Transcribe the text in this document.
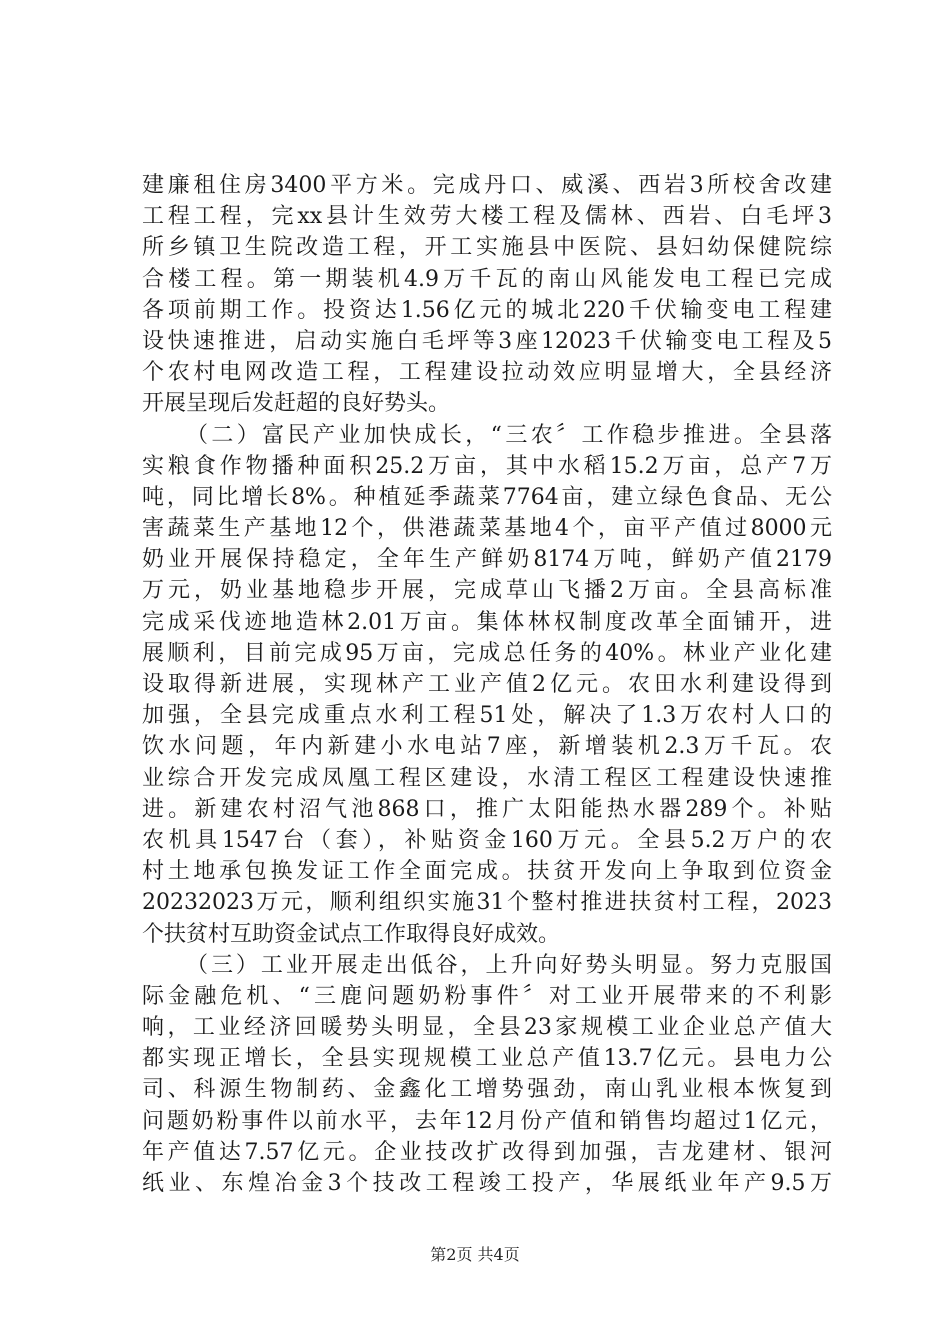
建廉租住房3400平方米。完成丹口、威溪、西岩3所校舍改建
工程工程，完xx县计生效劳大楼工程及儒林、西岩、白毛坪3
所乡镇卫生院改造工程，开工实施县中医院、县妇幼保健院综
合楼工程。第一期装机4.9万千瓦的南山风能发电工程已完成
各项前期工作。投资达1.56亿元的城北220千伏输变电工程建
设快速推进，启动实施白毛坪等3座12023千伏输变电工程及5
个农村电网改造工程，工程建设拉动效应明显增大，全县经济
开展呈现后发赶超的良好势头。
（二）富民产业加快成长，“三农〞工作稳步推进。全县落
实粮食作物播种面积25.2万亩，其中水稻15.2万亩，总产7万
吨，同比增长8%。种植延季蔬菜7764亩，建立绿色食品、无公
害蔬菜生产基地12个，供港蔬菜基地4个，亩平产值过8000元
奶业开展保持稳定，全年生产鲜奶8174万吨，鲜奶产值2179
万元，奶业基地稳步开展，完成草山飞播2万亩。全县高标准
完成采伐迹地造林2.01万亩。集体林权制度改革全面铺开，进
展顺利，目前完成95万亩，完成总任务的40%。林业产业化建
设取得新进展，实现林产工业产值2亿元。农田水利建设得到
加强，全县完成重点水利工程51处，解决了1.3万农村人口的
饮水问题，年内新建小水电站7座，新增装机2.3万千瓦。农
业综合开发完成凤凰工程区建设，水清工程区工程建设快速推
进。新建农村沼气池868口，推广太阳能热水器289个。补贴
农机具1547台（套），补贴资金160万元。全县5.2万户的农
村土地承包换发证工作全面完成。扶贫开发向上争取到位资金
20232023万元，顺利组织实施31个整村推进扶贫村工程，2023
个扶贫村互助资金试点工作取得良好成效。
（三）工业开展走出低谷，上升向好势头明显。努力克服国
际金融危机、“三鹿问题奶粉事件〞对工业开展带来的不利影
响，工业经济回暖势头明显，全县23家规模工业企业总产值大
都实现正增长，全县实现规模工业总产值13.7亿元。县电力公
司、科源生物制药、金鑫化工增势强劲，南山乳业根本恢复到
问题奶粉事件以前水平，去年12月份产值和销售均超过1亿元，
年产值达7.57亿元。企业技改扩改得到加强，吉龙建材、银河
纸业、东煌冶金3个技改工程竣工投产，华展纸业年产9.5万
第2页 共4页
